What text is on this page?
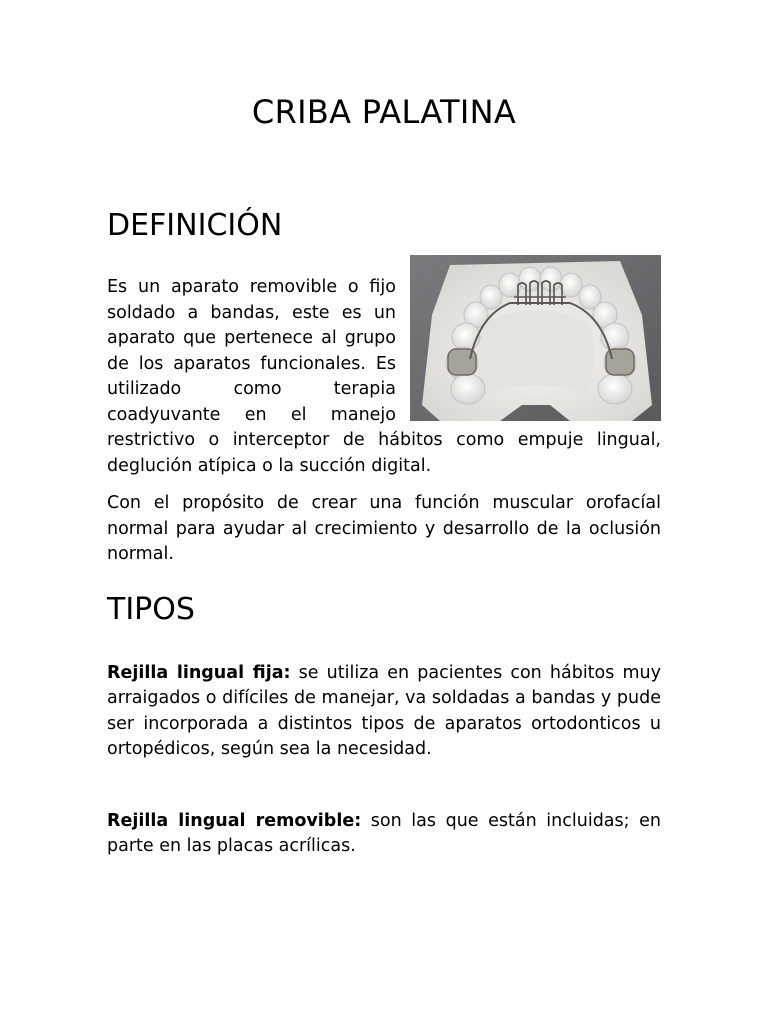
CRIBA PALATINA
DEFINICIÓN

Es un aparato removible o fijo soldado a bandas, este es un aparato que pertenece al grupo de los aparatos funcionales. Es utilizado como terapia coadyuvante en el manejo restrictivo o interceptor de hábitos como empuje lingual, deglución atípica o la succión digital.

Con el propósito de crear una función muscular orofacíal normal para ayudar al crecimiento y desarrollo de la oclusión normal.

TIPOS

Rejilla lingual fija: se utiliza en pacientes con hábitos muy arraigados o difíciles de manejar, va soldadas a bandas y pude ser incorporada a distintos tipos de aparatos ortodonticos u ortopédicos, según sea la necesidad.

Rejilla lingual removible: son las que están incluidas; en parte en las placas acrílicas.
